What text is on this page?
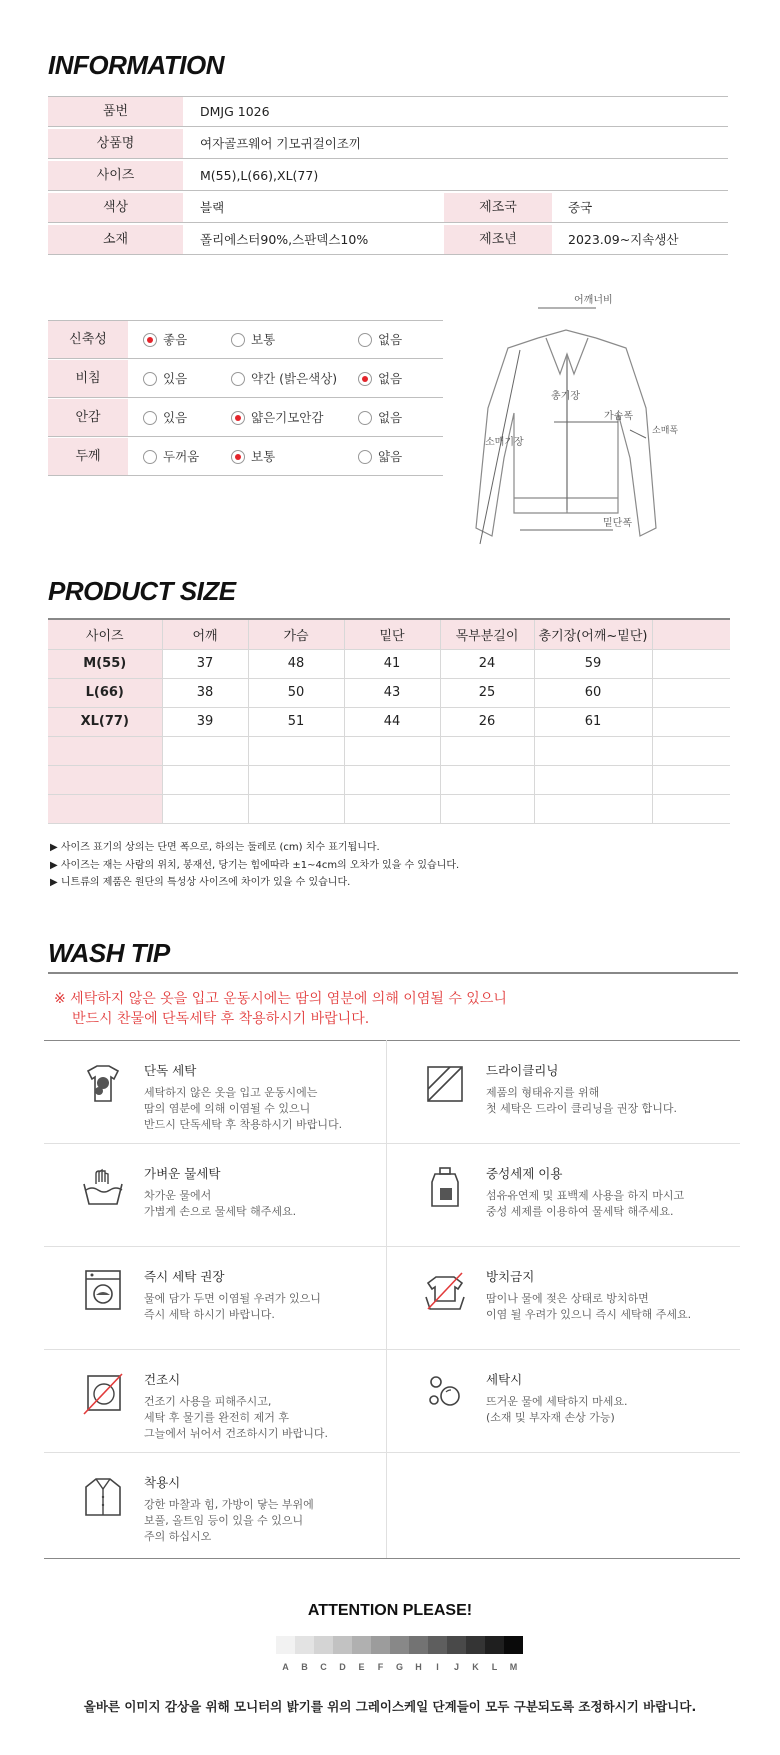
INFORMATION
품번	DMJG 1026
상품명	여자골프웨어 기모귀걸이조끼
사이즈	M(55),L(66),XL(77)
색상	블랙	제조국	중국
소재	폴리에스터90%,스판덱스10%	제조년	2023.09~지속생산
신축성	좋음	보통	없음
비침	있음	약간 (밝은색상)	없음
안감	있음	얇은기모안감	없음
두께	두꺼움	보통	얇음
어깨너비
총기장
가슴폭
소매기장
소매폭
밑단폭
PRODUCT SIZE
사이즈	어깨	가슴	밑단	목부분길이	총기장(어깨~밑단)	
M(55)	37	48	41	24	59	
L(66)	38	50	43	25	60	
XL(77)	39	51	44	26	61	

▶ 사이즈 표기의 상의는 단면 폭으로, 하의는 둘레로 (cm) 치수 표기됩니다.
▶ 사이즈는 재는 사람의 위치, 봉재선, 당기는 힘에따라 ±1~4cm의 오차가 있을 수 있습니다.
▶ 니트류의 제품은 원단의 특성상 사이즈에 차이가 있을 수 있습니다.
WASH TIP
※ 세탁하지 않은 옷을 입고 운동시에는 땀의 염분에 의해 이염될 수 있으니
반드시 찬물에 단독세탁 후 착용하시기 바랍니다.
단독 세탁
세탁하지 않은 옷을 입고 운동시에는
땀의 염분에 의해 이염될 수 있으니
반드시 단독세탁 후 착용하시기 바랍니다.
드라이클리닝
제품의 형태유지를 위해
첫 세탁은 드라이 클리닝을 권장 합니다.
가벼운 물세탁
차가운 물에서
가볍게 손으로 물세탁 해주세요.
중성세제 이용
섬유유연제 및 표백제 사용을 하지 마시고
중성 세제를 이용하여 물세탁 해주세요.
즉시 세탁 권장
물에 담가 두면 이염될 우려가 있으니
즉시 세탁 하시기 바랍니다.
방치금지
땀이나 물에 젖은 상태로 방치하면
이염 될 우려가 있으니 즉시 세탁해 주세요.
건조시
건조기 사용을 피해주시고,
세탁 후 물기를 완전히 제거 후
그늘에서 뉘어서 건조하시기 바랍니다.
세탁시
뜨거운 물에 세탁하지 마세요.
(소재 및 부자재 손상 가능)
착용시
강한 마찰과 힘, 가방이 닿는 부위에
보풀, 올트임 등이 있을 수 있으니
주의 하십시오
ATTENTION PLEASE!
A	B	C	D	E	F	G	H	I	J	K	L	M
올바른 이미지 감상을 위해 모니터의 밝기를 위의 그레이스케일 단계들이 모두 구분되도록 조정하시기 바랍니다.
